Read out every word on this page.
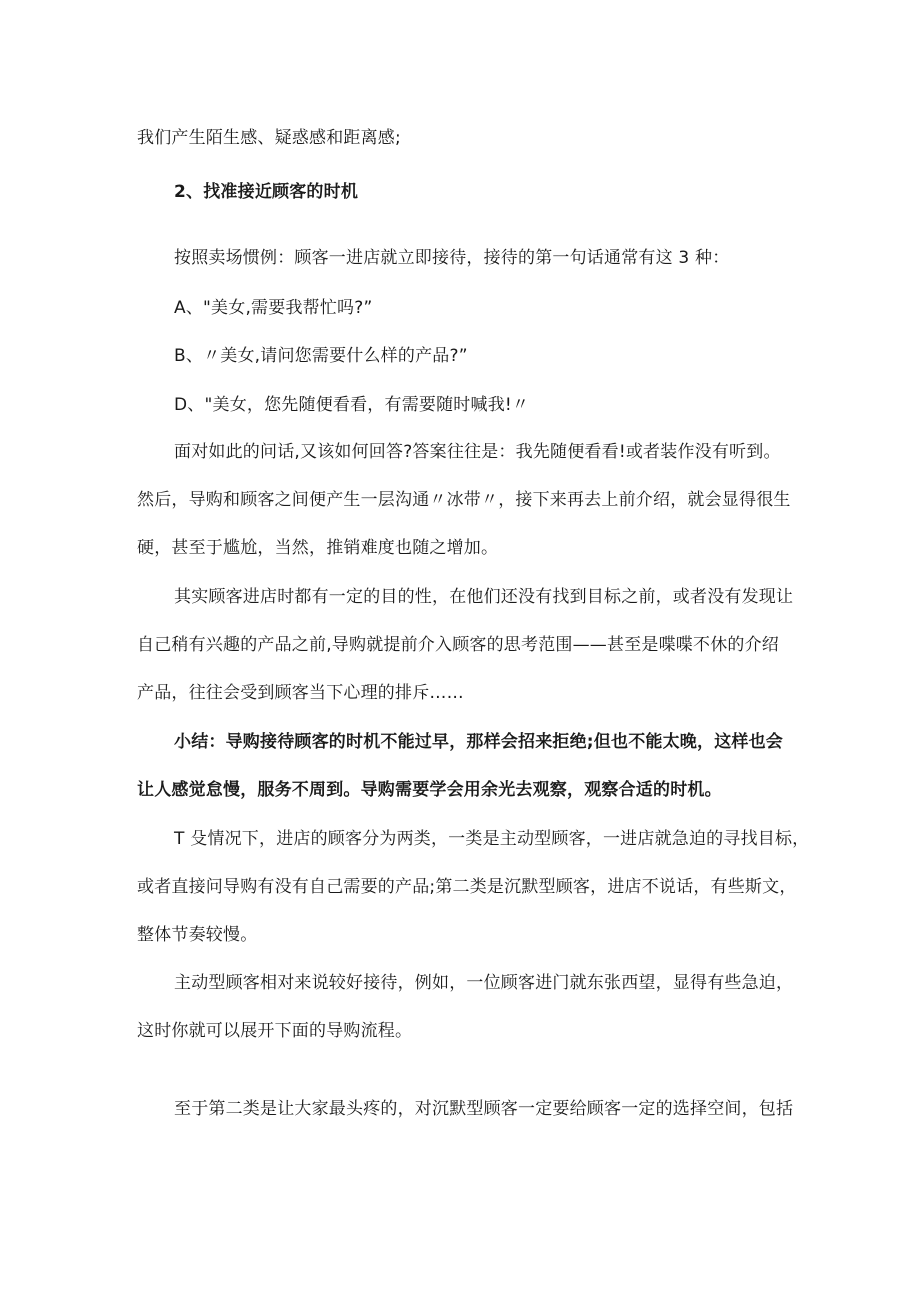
我们产生陌生感、疑惑感和距离感;
2、找准接近顾客的时机
按照卖场惯例：顾客一进店就立即接待，接待的第一句话通常有这 3 种：
A、"美女,需要我帮忙吗?”
B、〃美女,请问您需要什么样的产品?”
D、"美女，您先随便看看，有需要随时喊我!〃
面对如此的问话,又该如何回答?答案往往是：我先随便看看!或者装作没有听到。
然后，导购和顾客之间便产生一层沟通〃冰带〃，接下来再去上前介绍，就会显得很生
硬，甚至于尴尬，当然，推销难度也随之增加。
其实顾客进店时都有一定的目的性，在他们还没有找到目标之前，或者没有发现让
自己稍有兴趣的产品之前,导购就提前介入顾客的思考范围——甚至是喋喋不休的介绍
产品，往往会受到顾客当下心理的排斥……
小结：导购接待顾客的时机不能过早，那样会招来拒绝;但也不能太晚，这样也会
让人感觉怠慢，服务不周到。导购需要学会用余光去观察，观察合适的时机。
T 殳情况下，进店的顾客分为两类，一类是主动型顾客，一进店就急迫的寻找目标，
或者直接问导购有没有自己需要的产品;第二类是沉默型顾客，进店不说话，有些斯文，
整体节奏较慢。
主动型顾客相对来说较好接待，例如，一位顾客进门就东张西望，显得有些急迫，
这时你就可以展开下面的导购流程。
至于第二类是让大家最头疼的，对沉默型顾客一定要给顾客一定的选择空间，包括
